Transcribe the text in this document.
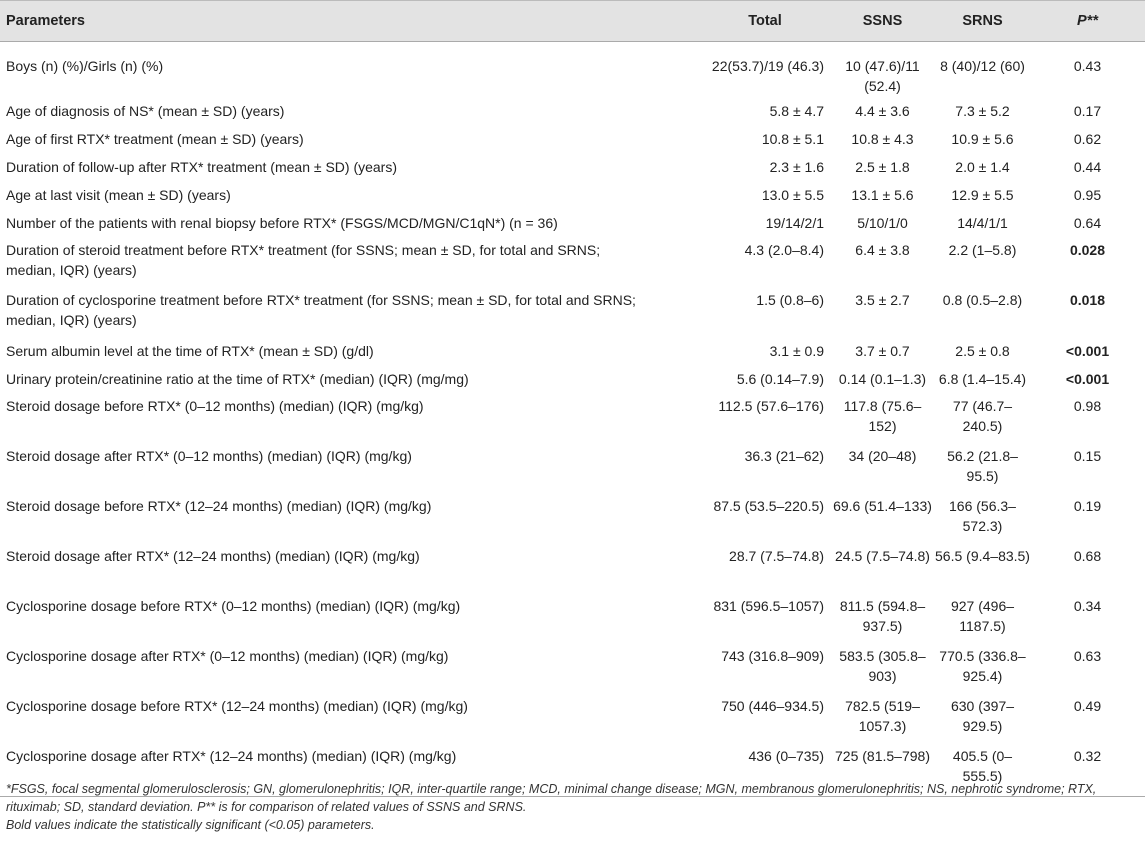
Parameters	Total	SSNS	SRNS	P**
Boys (n) (%)/Girls (n) (%)	22(53.7)/19 (46.3)	10 (47.6)/11 (52.4)	8 (40)/12 (60)	0.43
Age of diagnosis of NS* (mean ± SD) (years)	5.8 ± 4.7	4.4 ± 3.6	7.3 ± 5.2	0.17
Age of first RTX* treatment (mean ± SD) (years)	10.8 ± 5.1	10.8 ± 4.3	10.9 ± 5.6	0.62
Duration of follow-up after RTX* treatment (mean ± SD) (years)	2.3 ± 1.6	2.5 ± 1.8	2.0 ± 1.4	0.44
Age at last visit (mean ± SD) (years)	13.0 ± 5.5	13.1 ± 5.6	12.9 ± 5.5	0.95
Number of the patients with renal biopsy before RTX* (FSGS/MCD/MGN/C1qN*) (n = 36)	19/14/2/1	5/10/1/0	14/4/1/1	0.64
Duration of steroid treatment before RTX* treatment (for SSNS; mean ± SD, for total and SRNS; median, IQR) (years)	4.3 (2.0–8.4)	6.4 ± 3.8	2.2 (1–5.8)	0.028
Duration of cyclosporine treatment before RTX* treatment (for SSNS; mean ± SD, for total and SRNS; median, IQR) (years)	1.5 (0.8–6)	3.5 ± 2.7	0.8 (0.5–2.8)	0.018
Serum albumin level at the time of RTX* (mean ± SD) (g/dl)	3.1 ± 0.9	3.7 ± 0.7	2.5 ± 0.8	<0.001
Urinary protein/creatinine ratio at the time of RTX* (median) (IQR) (mg/mg)	5.6 (0.14–7.9)	0.14 (0.1–1.3)	6.8 (1.4–15.4)	<0.001
Steroid dosage before RTX* (0–12 months) (median) (IQR) (mg/kg)	112.5 (57.6–176)	117.8 (75.6–152)	77 (46.7–240.5)	0.98
Steroid dosage after RTX* (0–12 months) (median) (IQR) (mg/kg)	36.3 (21–62)	34 (20–48)	56.2 (21.8–95.5)	0.15
Steroid dosage before RTX* (12–24 months) (median) (IQR) (mg/kg)	87.5 (53.5–220.5)	69.6 (51.4–133)	166 (56.3–572.3)	0.19
Steroid dosage after RTX* (12–24 months) (median) (IQR) (mg/kg)	28.7 (7.5–74.8)	24.5 (7.5–74.8)	56.5 (9.4–83.5)	0.68
Cyclosporine dosage before RTX* (0–12 months) (median) (IQR) (mg/kg)	831 (596.5–1057)	811.5 (594.8–937.5)	927 (496–1187.5)	0.34
Cyclosporine dosage after RTX* (0–12 months) (median) (IQR) (mg/kg)	743 (316.8–909)	583.5 (305.8–903)	770.5 (336.8–925.4)	0.63
Cyclosporine dosage before RTX* (12–24 months) (median) (IQR) (mg/kg)	750 (446–934.5)	782.5 (519–1057.3)	630 (397–929.5)	0.49
Cyclosporine dosage after RTX* (12–24 months) (median) (IQR) (mg/kg)	436 (0–735)	725 (81.5–798)	405.5 (0–555.5)	0.32
*FSGS, focal segmental glomerulosclerosis; GN, glomerulonephritis; IQR, inter-quartile range; MCD, minimal change disease; MGN, membranous glomerulonephritis; NS, nephrotic syndrome; RTX, rituximab; SD, standard deviation. P** is for comparison of related values of SSNS and SRNS.
Bold values indicate the statistically significant (<0.05) parameters.
